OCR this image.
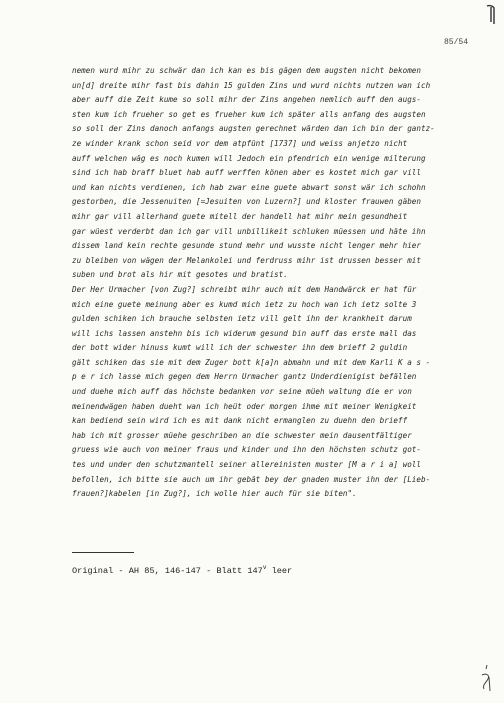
85/54
nemen wurd mihr zu schwär dan ich kan es bis gägen dem augsten nicht bekomen
un[d] dreite mihr fast bis dahin 15 gulden Zins und wurd nichts nutzen wan ich
aber auff die Zeit kume so soll mihr der Zins angehen nemlich auff den augs-
sten kum ich frueher so get es frueher kum ich später alls anfang des augsten
so soll der Zins danoch anfangs augsten gerechnet wärden dan ich bin der gantz-
ze winder krank schon seid vor dem atpfünt [1737] und weiss anjetzo nicht
auff welchen wäg es noch kumen will Jedoch ein pfendrich ein wenige milterung
sind ich hab braff bluet hab auff werffen könen aber es kostet mich gar vill
und kan nichts verdienen, ich hab zwar eine guete abwart sonst wär ich schohn
gestorben, die Jessenuiten [=Jesuiten von Luzern?] und kloster frauwen gäben
mihr gar vill allerhand guete mitell der handell hat mihr mein gesundheit
gar wüest verderbt dan ich gar vill unbillikeit schluken müessen und häte ihn
dissem land kein rechte gesunde stund mehr und wusste nicht lenger mehr hier
zu bleiben von wägen der Melankolei und ferdruss mihr ist drussen besser mit
suben und brot als hir mit gesotes und bratist.
Der Her Urmacher [von Zug?] schreibt mihr auch mit dem Handwärck er hat für
mich eine guete meinung aber es kumd mich ietz zu hoch wan ich ietz solte 3
gulden schiken ich brauche selbsten ietz vill gelt ihn der krankheit darum
will ichs lassen anstehn bis ich widerum gesund bin auff das erste mall das
der bott wider hinuss kumt will ich der schwester ihn dem brieff 2 guldin
gält schiken das sie mit dem Zuger bott k[a]n abmahn und mit dem Karli K a s -
p e r ich lasse mich gegen dem Herrn Urmacher gantz Underdienigist befällen
und duehe mich auff das höchste bedanken vor seine müeh waltung die er von
meinendwägen haben dueht wan ich heüt oder morgen ihme mit meiner Wenigkeit
kan bediend sein wird ich es mit dank nicht ermanglen zu duehn den brieff
hab ich mit grosser müehe geschriben an die schwester mein dausentfältiger
gruess wie auch von meiner fraus und kinder und ihn den höchsten schutz got-
tes und under den schutzmantell seiner allereinisten muster [M a r i a] woll
befollen, ich bitte sie auch um ihr gebät bey der gnaden muster ihn der [Lieb-
frauen?]kabelen [in Zug?], ich wolle hier auch für sie biten".
Original - AH 85, 146-147 - Blatt 147$^v$ leer
